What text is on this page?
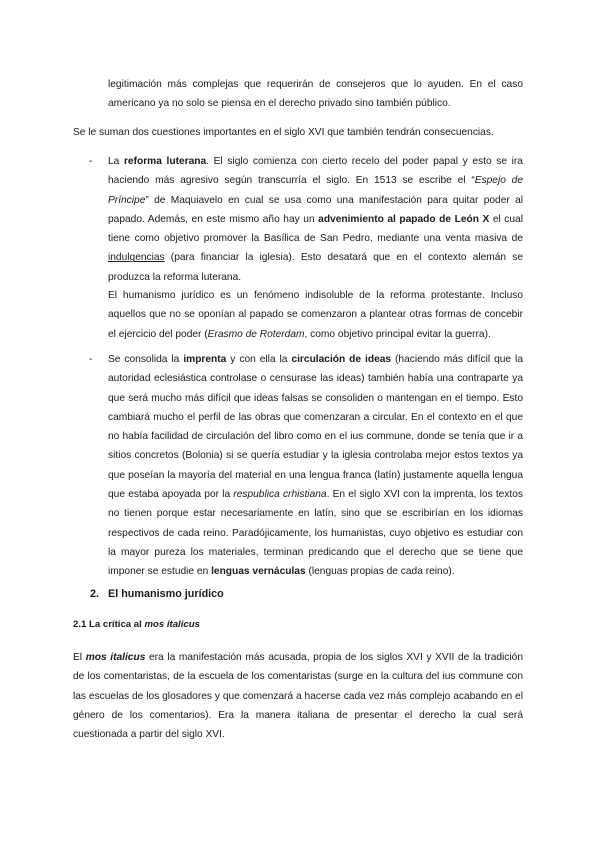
legitimación más complejas que requerirán de consejeros que lo ayuden. En el caso americano ya no solo se piensa en el derecho privado sino también público.

Se le suman dos cuestiones importantes en el siglo XVI que también tendrán consecuencias.

- La reforma luterana. El siglo comienza con cierto recelo del poder papal y esto se ira haciendo más agresivo según transcurría el siglo. En 1513 se escribe el “Espejo de Príncipe” de Maquiavelo en cual se usa como una manifestación para quitar poder al papado. Además, en este mismo año hay un advenimiento al papado de León X el cual tiene como objetivo promover la Basílica de San Pedro, mediante una venta masiva de indulgencias (para financiar la iglesia). Esto desatará que en el contexto alemán se produzca la reforma luterana.

El humanismo jurídico es un fenómeno indisoluble de la reforma protestante. Incluso aquellos que no se oponían al papado se comenzaron a plantear otras formas de concebir el ejercicio del poder (Erasmo de Roterdam, como objetivo principal evitar la guerra).

- Se consolida la imprenta y con ella la circulación de ideas (haciendo más difícil que la autoridad eclesiástica controlase o censurase las ideas) también había una contraparte ya que será mucho más difícil que ideas falsas se consoliden o mantengan en el tiempo. Esto cambiará mucho el perfil de las obras que comenzaran a circular. En el contexto en el que no había facilidad de circulación del libro como en el ius commune, donde se tenía que ir a sitios concretos (Bolonia) si se quería estudiar y la iglesia controlaba mejor estos textos ya que poseían la mayoría del material en una lengua franca (latín) justamente aquella lengua que estaba apoyada por la respublica crhistiana. En el siglo XVI con la imprenta, los textos no tienen porque estar necesariamente en latín, sino que se escribirían en los idiomas respectivos de cada reino. Paradójicamente, los humanistas, cuyo objetivo es estudiar con la mayor pureza los materiales, terminan predicando que el derecho que se tiene que imponer se estudie en lenguas vernáculas (lenguas propias de cada reino).

2. El humanismo jurídico
2.1 La crítica al mos italicus

El mos italicus era la manifestación más acusada, propia de los siglos XVI y XVII de la tradición de los comentaristas, de la escuela de los comentaristas (surge en la cultura del ius commune con las escuelas de los glosadores y que comenzará a hacerse cada vez más complejo acabando en el género de los comentarios). Era la manera italiana de presentar el derecho la cual será cuestionada a partir del siglo XVI.
